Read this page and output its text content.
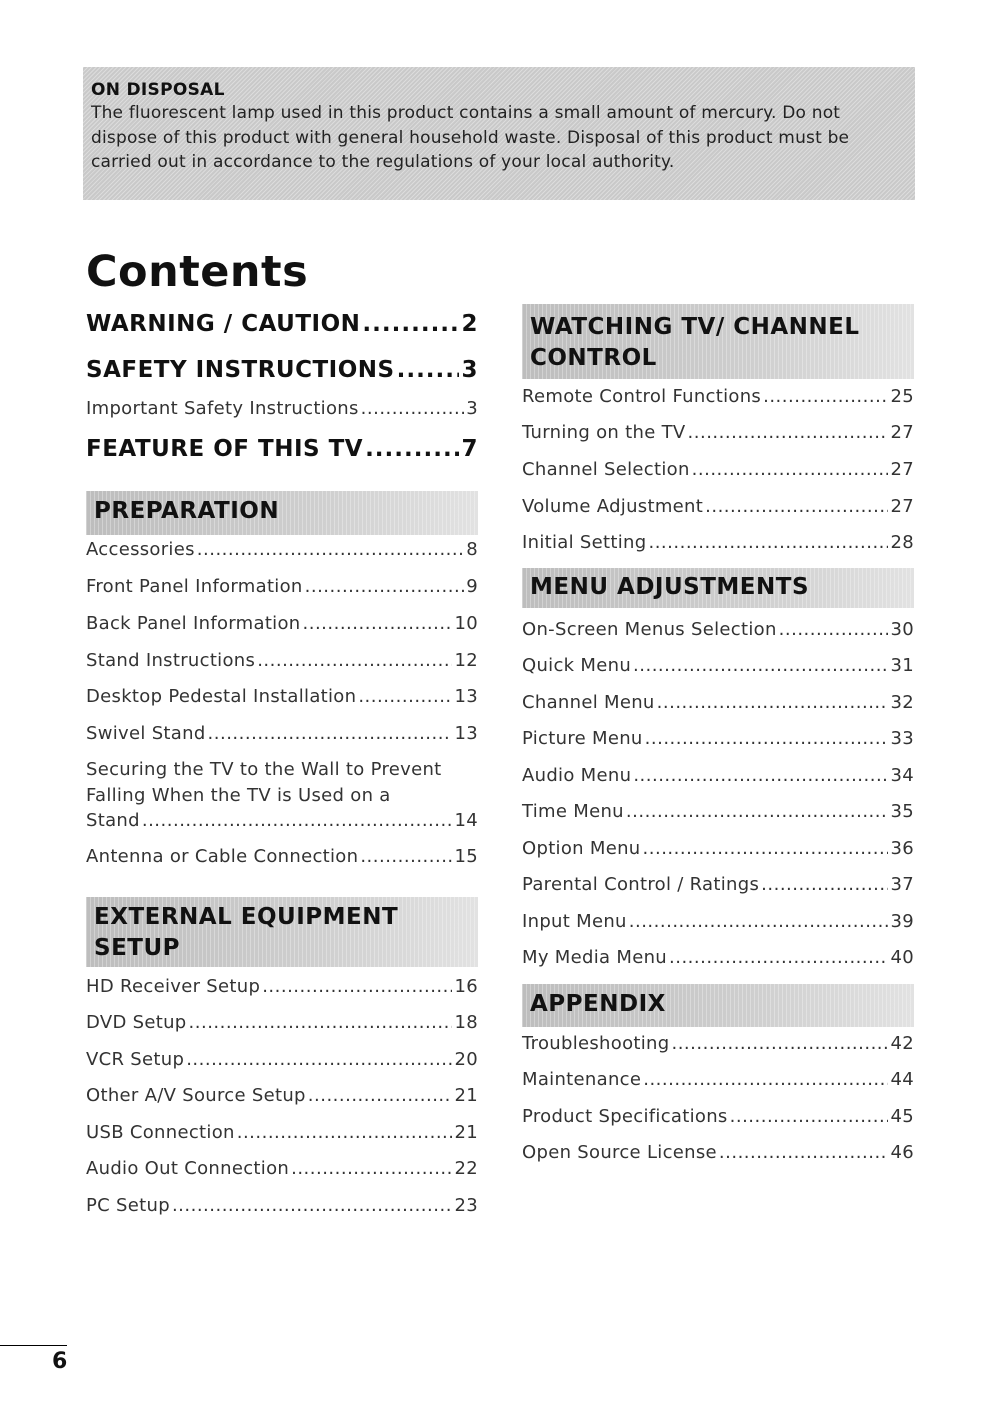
ON DISPOSAL
The fluorescent lamp used in this product contains a small amount of mercury. Do not
dispose of this product with general household waste. Disposal of this product must be
carried out in accordance to the regulations of your local authority.
Contents
WARNING / CAUTION .....	2
SAFETY INSTRUCTIONS .....	3
Important Safety Instructions .....	3
FEATURE OF THIS TV .....	7
PREPARATION
Accessories .....	8
Front Panel Information .....	9
Back Panel Information .....	10
Stand Instructions .....	12
Desktop Pedestal Installation .....	13
Swivel Stand .....	13
Securing the TV to the Wall to Prevent
Falling When the TV is Used on a
Stand .....	14
Antenna or Cable Connection .....	15
EXTERNAL EQUIPMENT
SETUP
HD Receiver Setup .....	16
DVD Setup .....	18
VCR Setup .....	20
Other A/V Source Setup .....	21
USB Connection .....	21
Audio Out Connection .....	22
PC Setup .....	23
WATCHING TV/ CHANNEL
CONTROL
Remote Control Functions .....	25
Turning on the TV .....	27
Channel Selection .....	27
Volume Adjustment .....	27
Initial Setting .....	28
MENU ADJUSTMENTS
On-Screen Menus Selection .....	30
Quick Menu .....	31
Channel Menu .....	32
Picture Menu .....	33
Audio Menu .....	34
Time Menu .....	35
Option Menu .....	36
Parental Control / Ratings .....	37
Input Menu .....	39
My Media Menu .....	40
APPENDIX
Troubleshooting .....	42
Maintenance .....	44
Product Specifications .....	45
Open Source License .....	46
6
